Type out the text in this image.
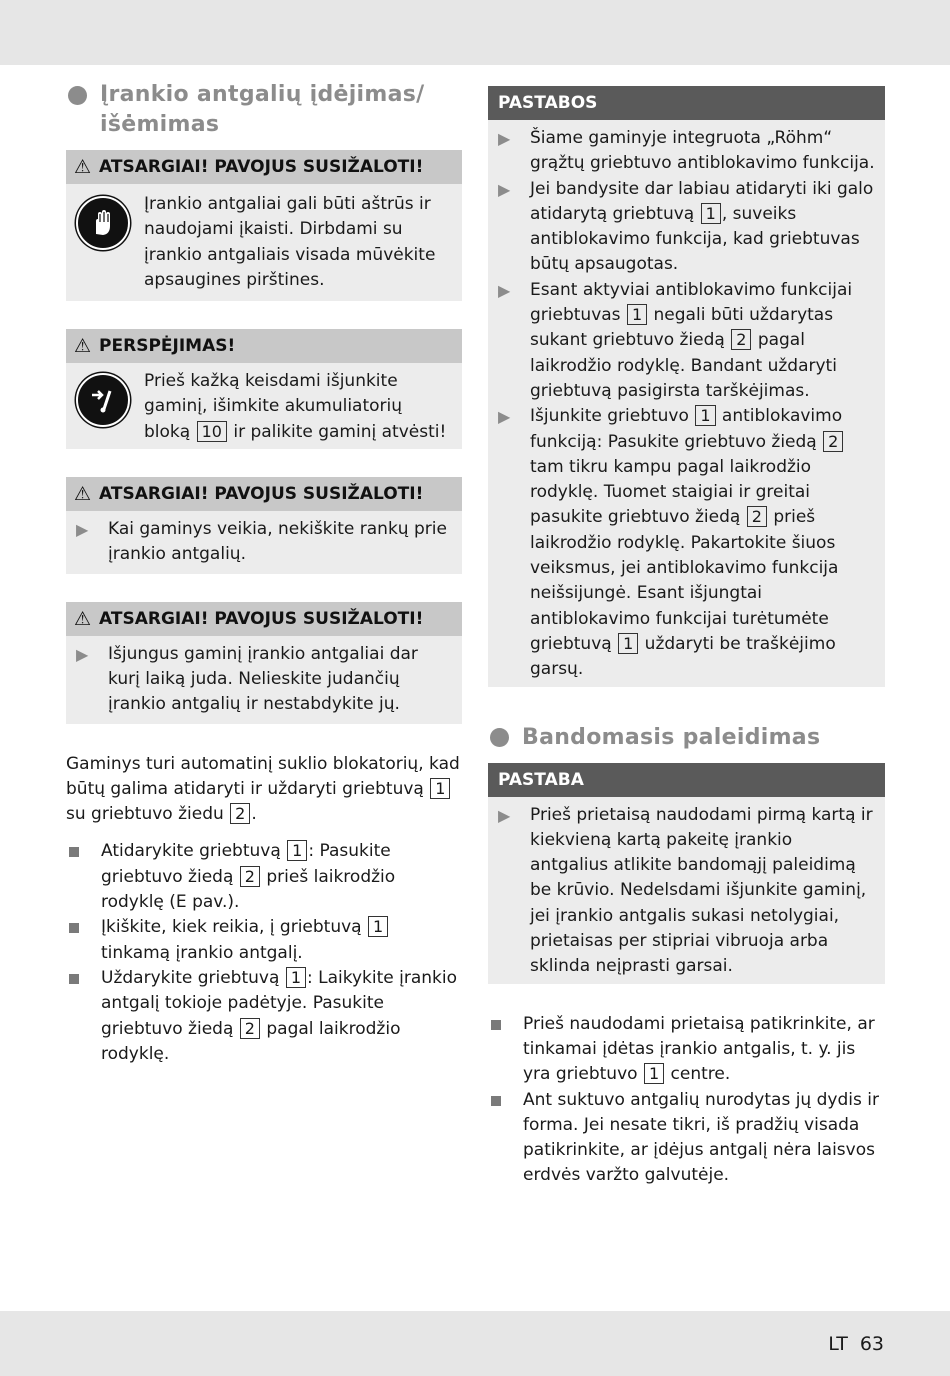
Įrankio antgalių įdėjimas/ išėmimas
⚠ ATSARGIAI! PAVOJUS SUSIŽALOTI!
Įrankio antgaliai gali būti aštrūs ir naudojami įkaisti. Dirbdami su įrankio antgaliais visada mūvėkite apsaugines pirštines.
⚠ PERSPĖJIMAS!
Prieš kažką keisdami išjunkite gaminį, išimkite akumuliatorių bloką 10 ir palikite gaminį atvėsti!
⚠ ATSARGIAI! PAVOJUS SUSIŽALOTI!
▶	Kai gaminys veikia, nekiškite rankų prie įrankio antgalių.
⚠ ATSARGIAI! PAVOJUS SUSIŽALOTI!
▶	Išjungus gaminį įrankio antgaliai dar kurį laiką juda. Nelieskite judančių įrankio antgalių ir nestabdykite jų.

Gaminys turi automatinį suklio blokatorių, kad būtų galima atidaryti ir uždaryti griebtuvą 1 su griebtuvo žiedu 2 .

Atidarykite griebtuvą 1 : Pasukite griebtuvo žiedą 2 prieš laikrodžio rodyklę (E pav.).
Įkiškite, kiek reikia, į griebtuvą 1 tinkamą įrankio antgalį.
Uždarykite griebtuvą 1 : Laikykite įrankio antgalį tokioje padėtyje. Pasukite griebtuvo žiedą 2 pagal laikrodžio rodyklę.
PASTABOS
▶	Šiame gaminyje integruota „Röhm“ grąžtų griebtuvo antiblokavimo funkcija.
▶	Jei bandysite dar labiau atidaryti iki galo atidarytą griebtuvą 1 , suveiks antiblokavimo funkcija, kad griebtuvas būtų apsaugotas.
▶	Esant aktyviai antiblokavimo funkcijai griebtuvas 1 negali būti uždarytas sukant griebtuvo žiedą 2 pagal laikrodžio rodyklę. Bandant uždaryti griebtuvą pasigirsta tarškėjimas.
▶	Išjunkite griebtuvo 1 antiblokavimo funkciją: Pasukite griebtuvo žiedą 2 tam tikru kampu pagal laikrodžio rodyklę. Tuomet staigiai ir greitai pasukite griebtuvo žiedą 2 prieš laikrodžio rodyklę. Pakartokite šiuos veiksmus, jei antiblokavimo funkcija neišsijungė. Esant išjungtai antiblokavimo funkcijai turėtumėte griebtuvą 1 uždaryti be traškėjimo garsų.
Bandomasis paleidimas
PASTABA
▶	Prieš prietaisą naudodami pirmą kartą ir kiekvieną kartą pakeitę įrankio antgalius atlikite bandomąjį paleidimą be krūvio. Nedelsdami išjunkite gaminį, jei įrankio antgalis sukasi netolygiai, prietaisas per stipriai vibruoja arba sklinda neįprasti garsai.
Prieš naudodami prietaisą patikrinkite, ar tinkamai įdėtas įrankio antgalis, t. y. jis yra griebtuvo 1 centre.
Ant suktuvo antgalių nurodytas jų dydis ir forma. Jei nesate tikri, iš pradžių visada patikrinkite, ar įdėjus antgalį nėra laisvos erdvės varžto galvutėje.
LT 63
